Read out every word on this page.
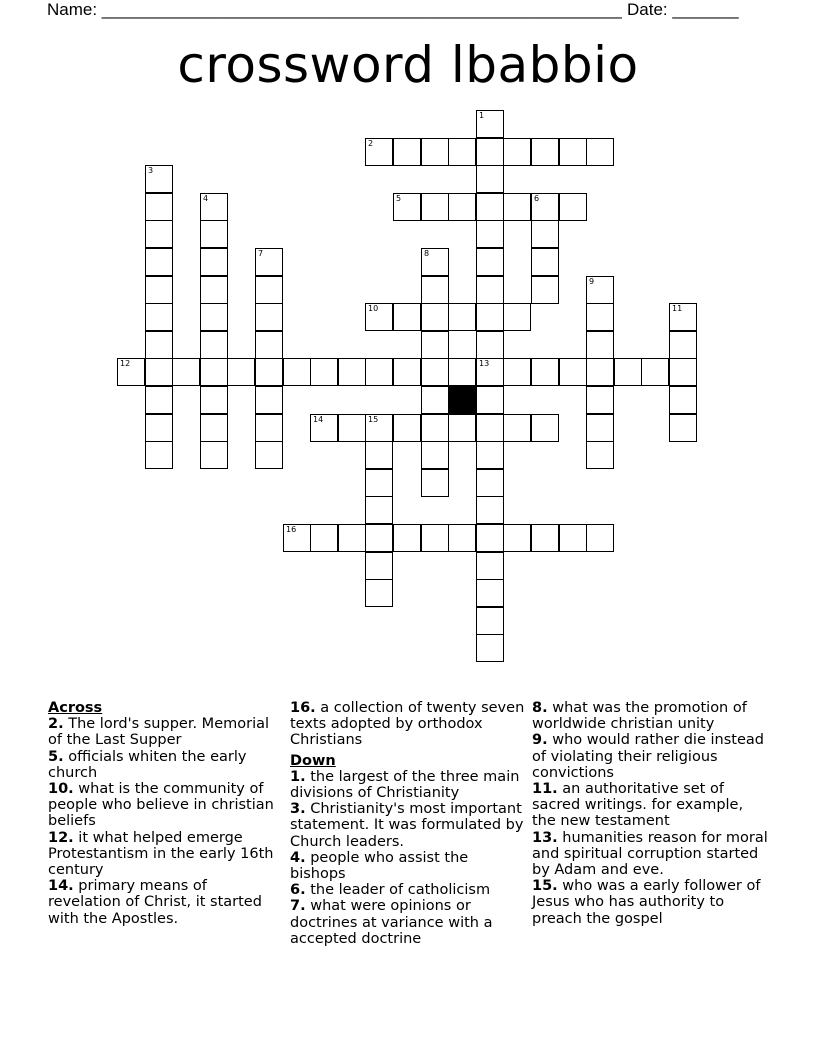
Name: _______________________________________________________ Date: _______
crossword lbabbio
1
13
2
3
4	5	6
7	8
9
10	11
12
14	15
16
Across
2. The lord's supper. Memorial of the Last Supper
5. officials whiten the early church
10. what is the community of people who believe in christian beliefs
12. it what helped emerge Protestantism in the early 16th century
14. primary means of revelation of Christ, it started with the Apostles.
16. a collection of twenty seven texts adopted by orthodox Christians
Down
1. the largest of the three main divisions of Christianity
3. Christianity's most important statement. It was formulated by Church leaders.
4. people who assist the bishops
6. the leader of catholicism
7. what were opinions or doctrines at variance with a accepted doctrine
8. what was the promotion of worldwide christian unity
9. who would rather die instead of violating their religious convictions
11. an authoritative set of sacred writings. for example, the new testament
13. humanities reason for moral and spiritual corruption started by Adam and eve.
15. who was a early follower of Jesus who has authority to preach the gospel
